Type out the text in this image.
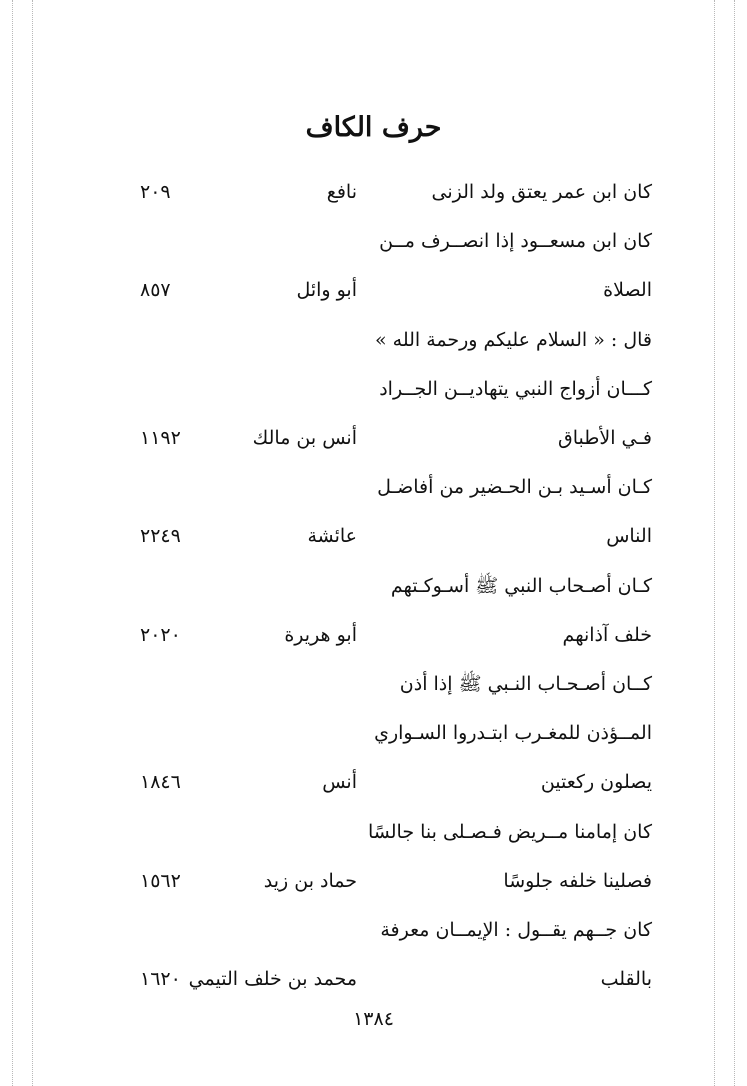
حرف الكاف
كان ابن عمر يعتق ولد الزنى
نافع
٢٠٩
كان ابن مسعــود إذا انصــرف مــن
الصلاة
أبو وائل
٨٥٧
قال : « السلام عليكم ورحمة الله »
كـــان أزواج النبي يتهاديــن الجــراد
فـي الأطباق
أنس بن مالك
١١٩٢
كـان أسـيد بـن الحـضير من أفاضـل
الناس
عائشة
٢٢٤٩
كـان أصـحاب النبي ﷺ أسـوكـتهم
خلف آذانهم
أبو هريرة
٢٠٢٠
كــان أصـحـاب النـبي ﷺ إذا أذن
المــؤذن للمغـرب ابتـدروا السـواري
يصلون ركعتين
أنس
١٨٤٦
كان إمامنا مــريض فـصـلى بنا جالسًا
فصلينا خلفه جلوسًا
حماد بن زيد
١٥٦٢
كان جــهم يقــول : الإيمــان معرفة
بالقلب
محمد بن خلف التيمي
١٦٢٠
١٣٨٤
